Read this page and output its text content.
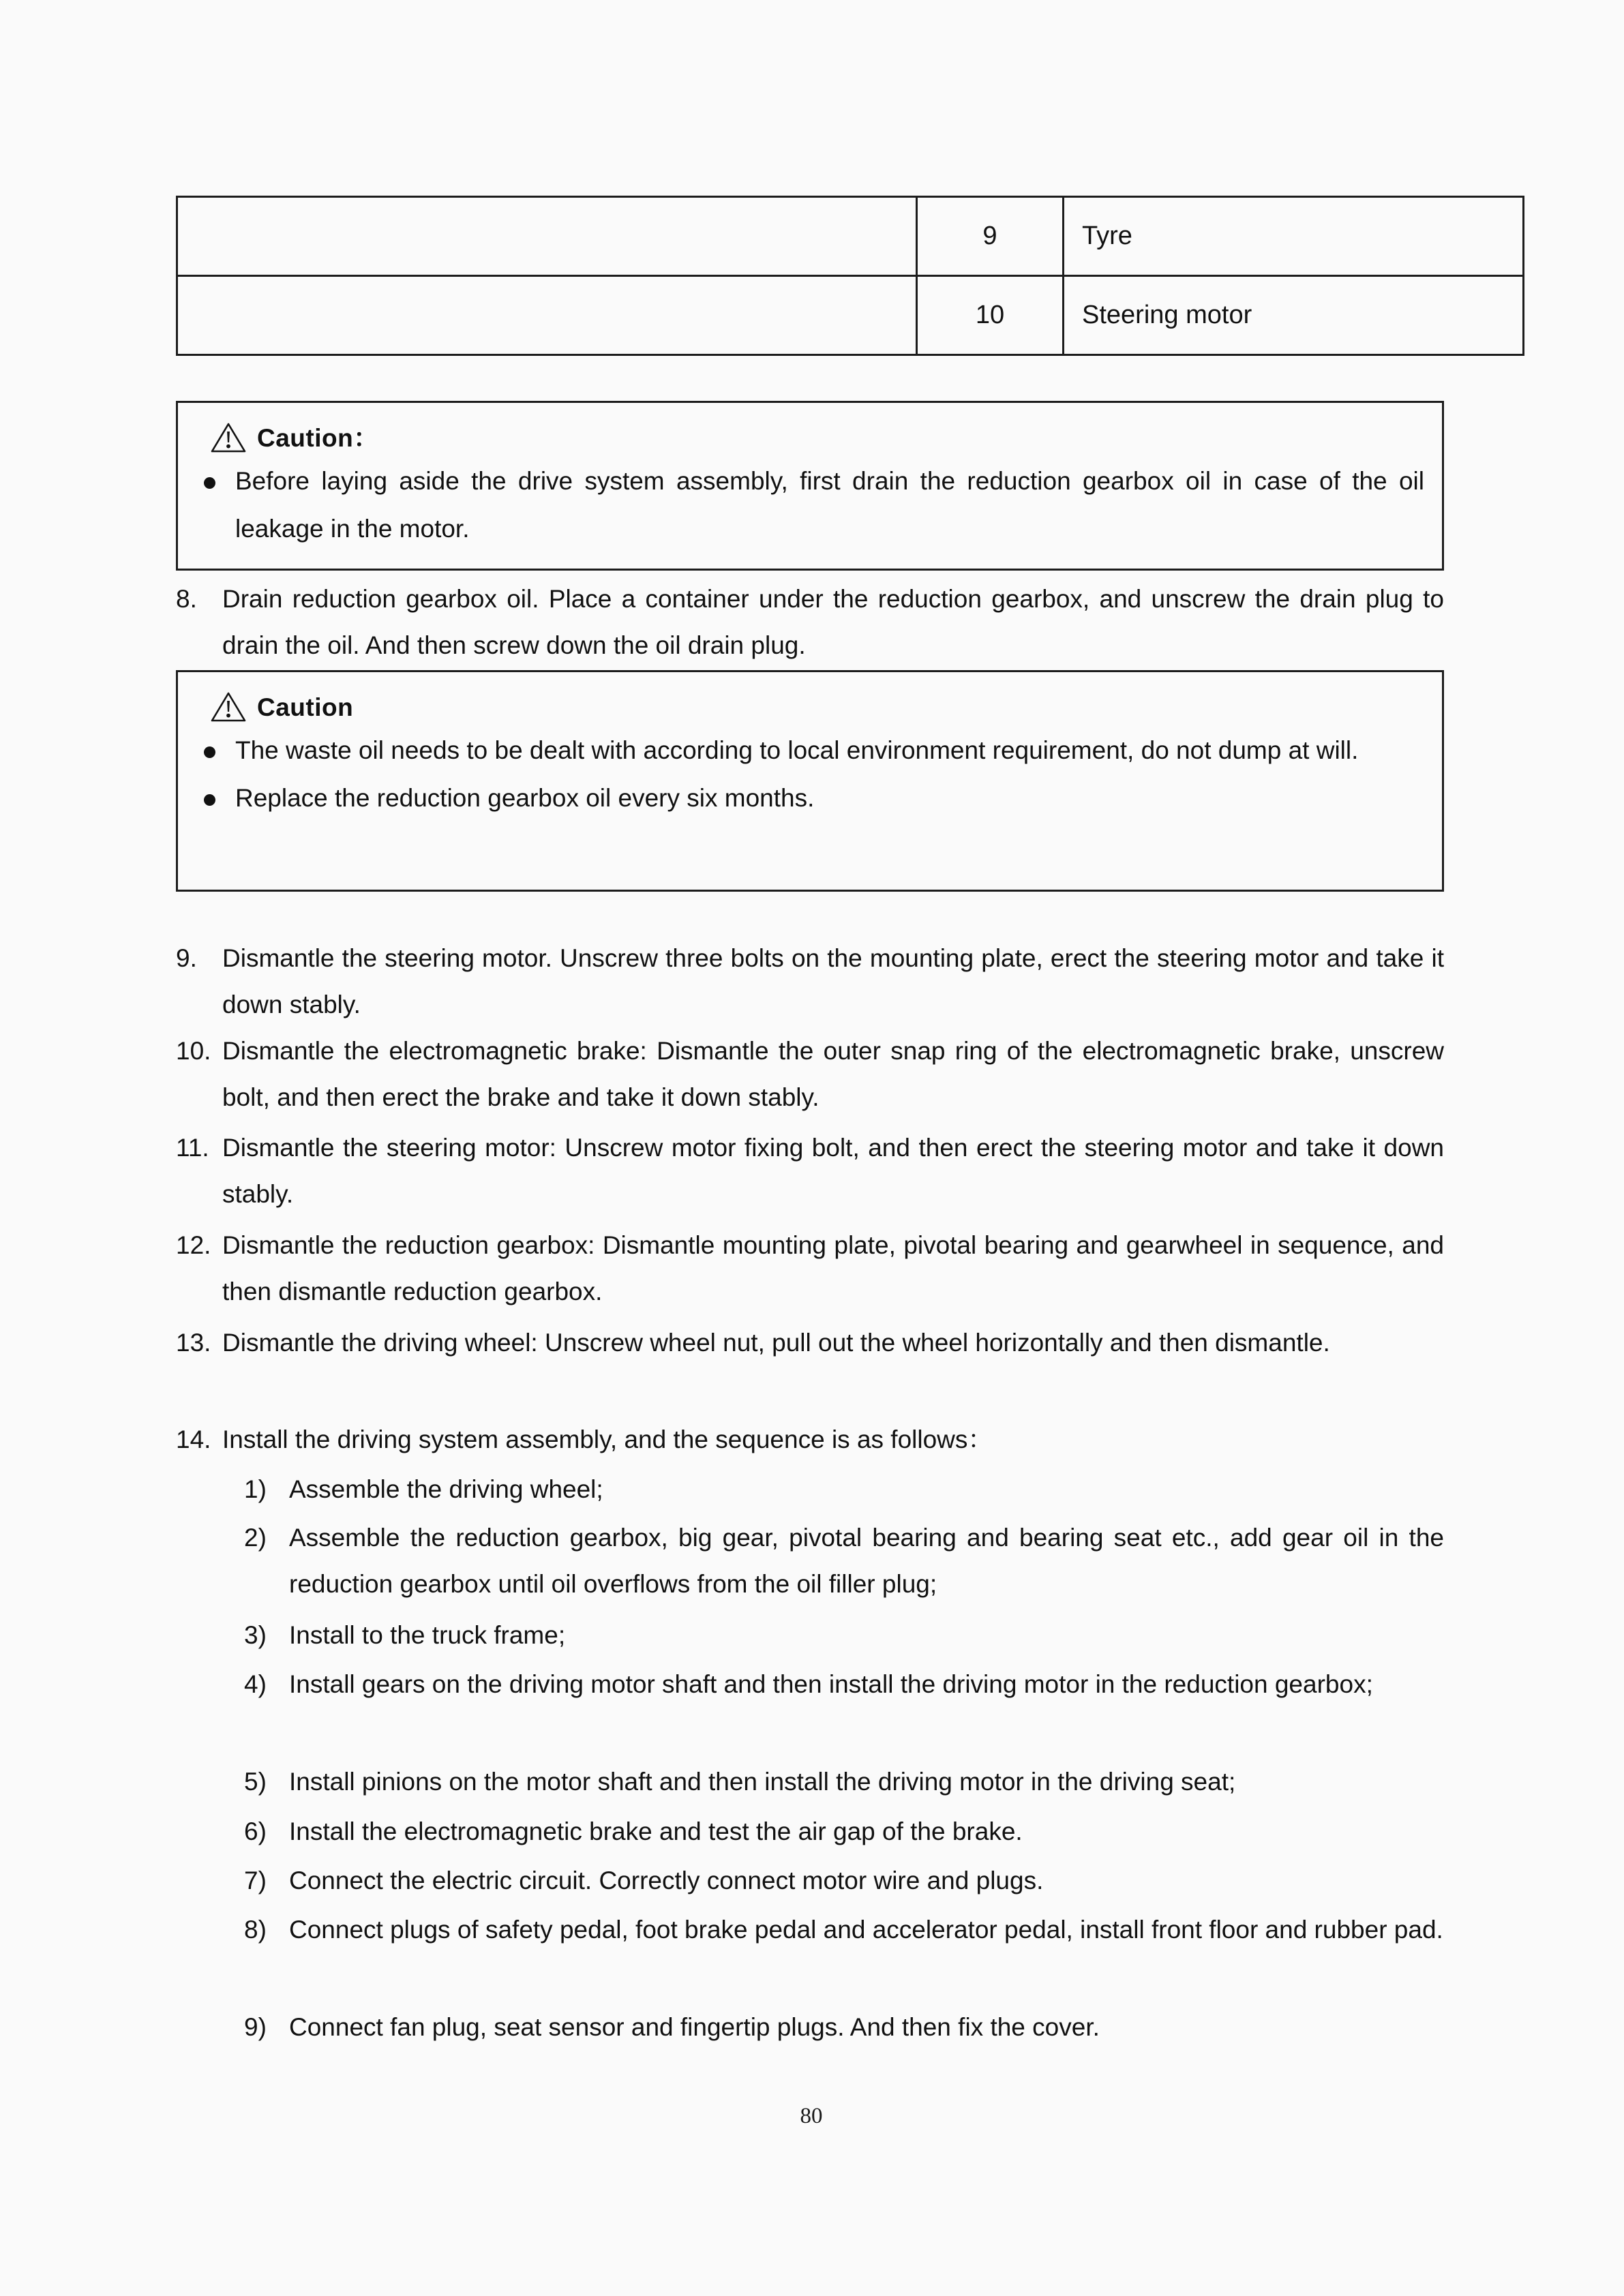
	9	Tyre
	10	Steering motor
Caution：
Before laying aside the drive system assembly, first drain the reduction gearbox oil in case of the oil leakage in the motor.
8.	Drain reduction gearbox oil. Place a container under the reduction gearbox, and unscrew the drain plug to drain the oil. And then screw down the oil drain plug.
Caution
The waste oil needs to be dealt with according to local environment requirement, do not dump at will.
Replace the reduction gearbox oil every six months.
9.	Dismantle the steering motor. Unscrew three bolts on the mounting plate, erect the steering motor and take it down stably.
10. Dismantle the electromagnetic brake: Dismantle the outer snap ring of the electromagnetic brake, unscrew bolt, and then erect the brake and take it down stably.
11. Dismantle the steering motor: Unscrew motor fixing bolt, and then erect the steering motor and take it down stably.
12. Dismantle the reduction gearbox: Dismantle mounting plate, pivotal bearing and gearwheel in sequence, and then dismantle reduction gearbox.
13. Dismantle the driving wheel: Unscrew wheel nut, pull out the wheel horizontally and then dismantle.
14. Install the driving system assembly, and the sequence is as follows：
1) Assemble the driving wheel;
2) Assemble the reduction gearbox, big gear, pivotal bearing and bearing seat etc., add gear oil in the reduction gearbox until oil overflows from the oil filler plug;
3) Install to the truck frame;
4) Install gears on the driving motor shaft and then install the driving motor in the reduction gearbox;
5) Install pinions on the motor shaft and then install the driving motor in the driving seat;
6) Install the electromagnetic brake and test the air gap of the brake.
7) Connect the electric circuit. Correctly connect motor wire and plugs.
8) Connect plugs of safety pedal, foot brake pedal and accelerator pedal, install front floor and rubber pad.
9) Connect fan plug, seat sensor and fingertip plugs. And then fix the cover.
80
